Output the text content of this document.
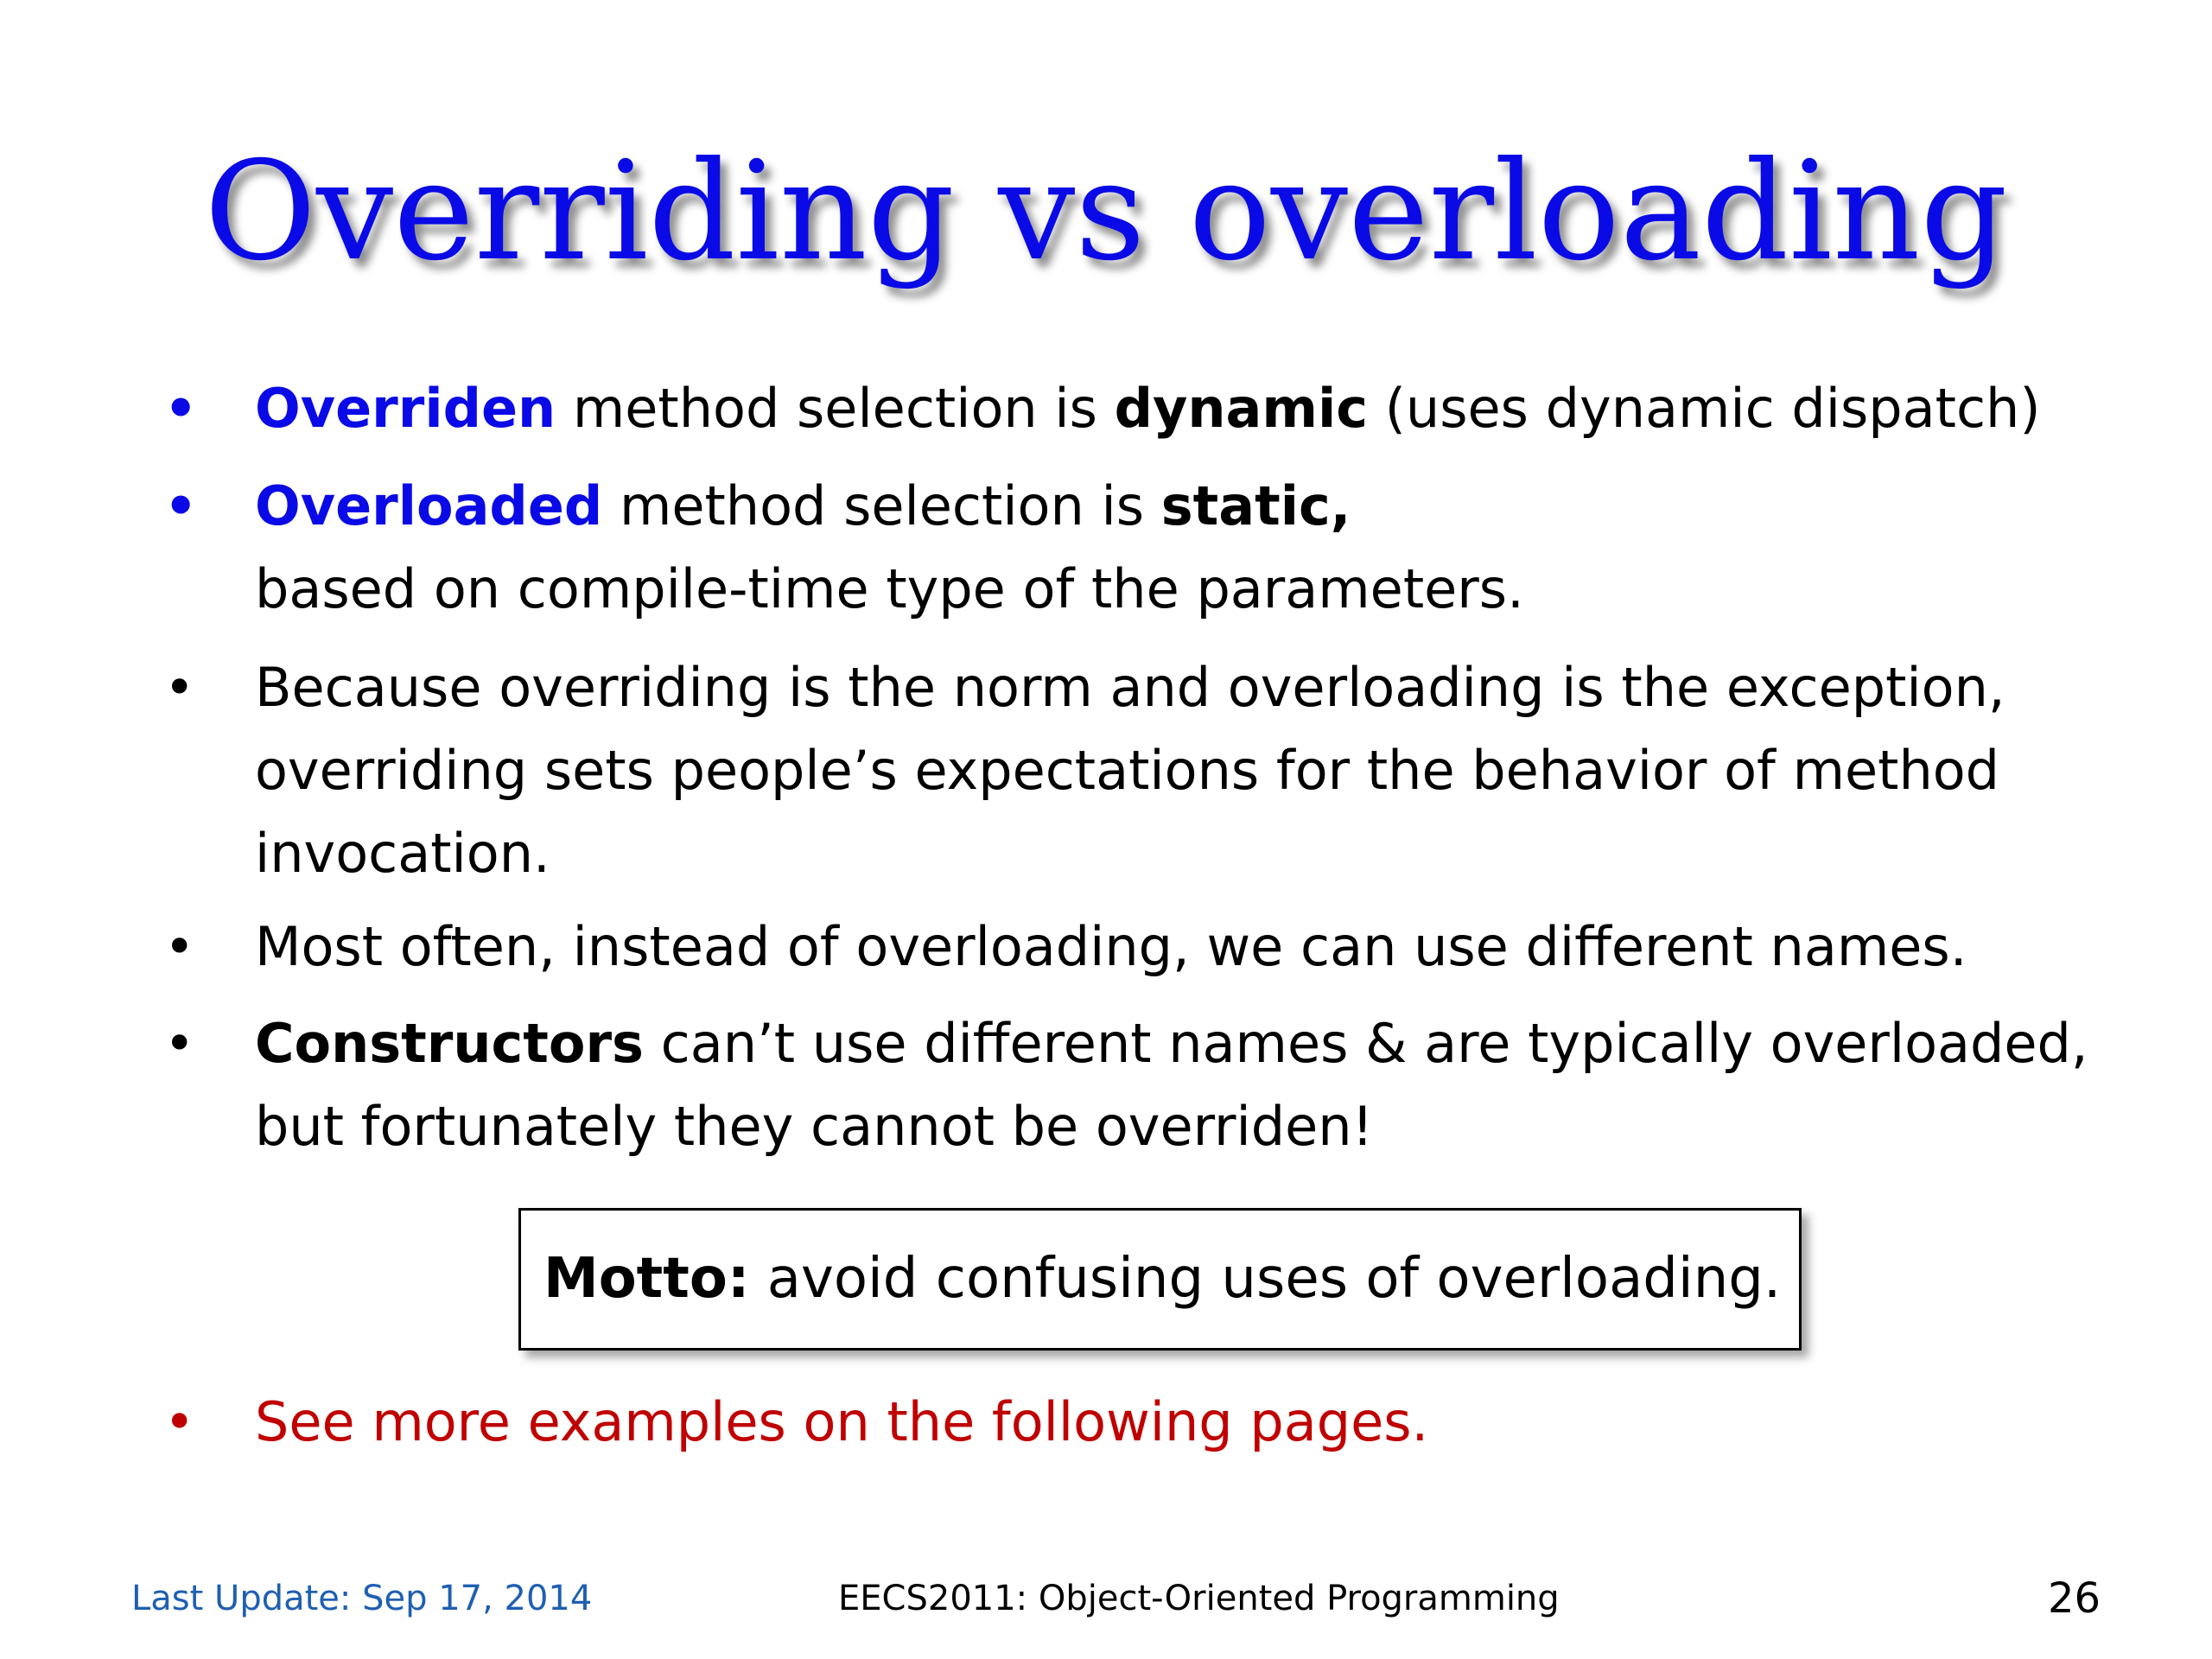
Overriding vs overloading
• Overriden method selection is dynamic (uses dynamic dispatch)
• Overloaded method selection is static,
based on compile-time type of the parameters.
• Because overriding is the norm and overloading is the exception,
overriding sets people’s expectations for the behavior of method
invocation.
• Most often, instead of overloading, we can use different names.
• Constructors can’t use different names & are typically overloaded,
but fortunately they cannot be overriden!
• See more examples on the following pages.
Motto: avoid confusing uses of overloading.
Last Update: Sep 17, 2014	EECS2011: Object-Oriented Programming	26
